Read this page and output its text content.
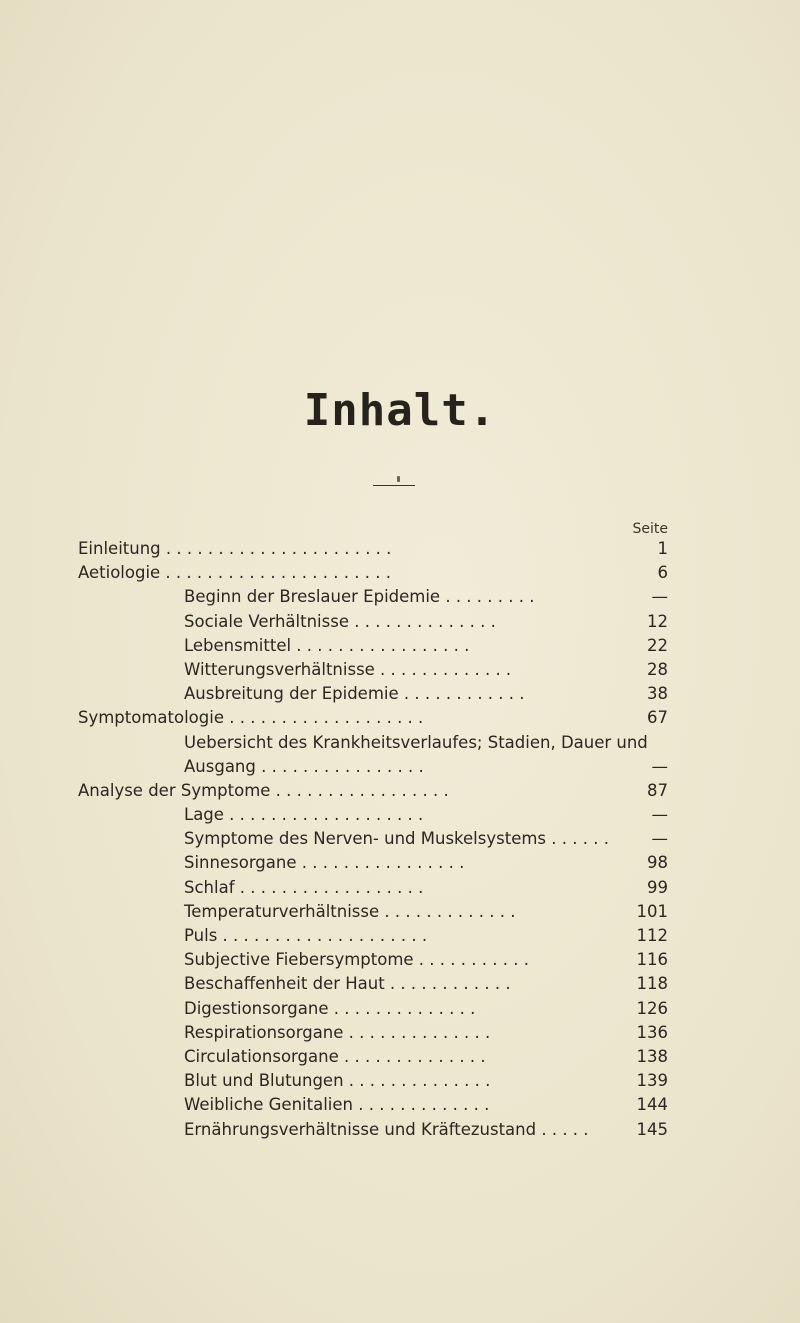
Inhalt.
Seite
Einleitung . . . . . . . . . . . . . . . . . . . . . .	1
Aetiologie . . . . . . . . . . . . . . . . . . . . . .	6
Beginn der Breslauer Epidemie . . . . . . . . .	—
Sociale Verhältnisse . . . . . . . . . . . . . .	12
Lebensmittel . . . . . . . . . . . . . . . . .	22
Witterungsverhältnisse . . . . . . . . . . . . .	28
Ausbreitung der Epidemie . . . . . . . . . . . .	38
Symptomatologie . . . . . . . . . . . . . . . . . . .	67
Uebersicht des Krankheitsverlaufes; Stadien, Dauer und
Ausgang . . . . . . . . . . . . . . . .	—
Analyse der Symptome . . . . . . . . . . . . . . . . .	87
Lage . . . . . . . . . . . . . . . . . . .	—
Symptome des Nerven- und Muskelsystems . . . . . .	—
Sinnesorgane . . . . . . . . . . . . . . . .	98
Schlaf . . . . . . . . . . . . . . . . . .	99
Temperaturverhältnisse . . . . . . . . . . . . .	101
Puls . . . . . . . . . . . . . . . . . . . .	112
Subjective Fiebersymptome . . . . . . . . . . .	116
Beschaffenheit der Haut . . . . . . . . . . . .	118
Digestionsorgane . . . . . . . . . . . . . .	126
Respirationsorgane . . . . . . . . . . . . . .	136
Circulationsorgane . . . . . . . . . . . . . .	138
Blut und Blutungen . . . . . . . . . . . . . .	139
Weibliche Genitalien . . . . . . . . . . . . .	144
Ernährungsverhältnisse und Kräftezustand . . . . .	145
